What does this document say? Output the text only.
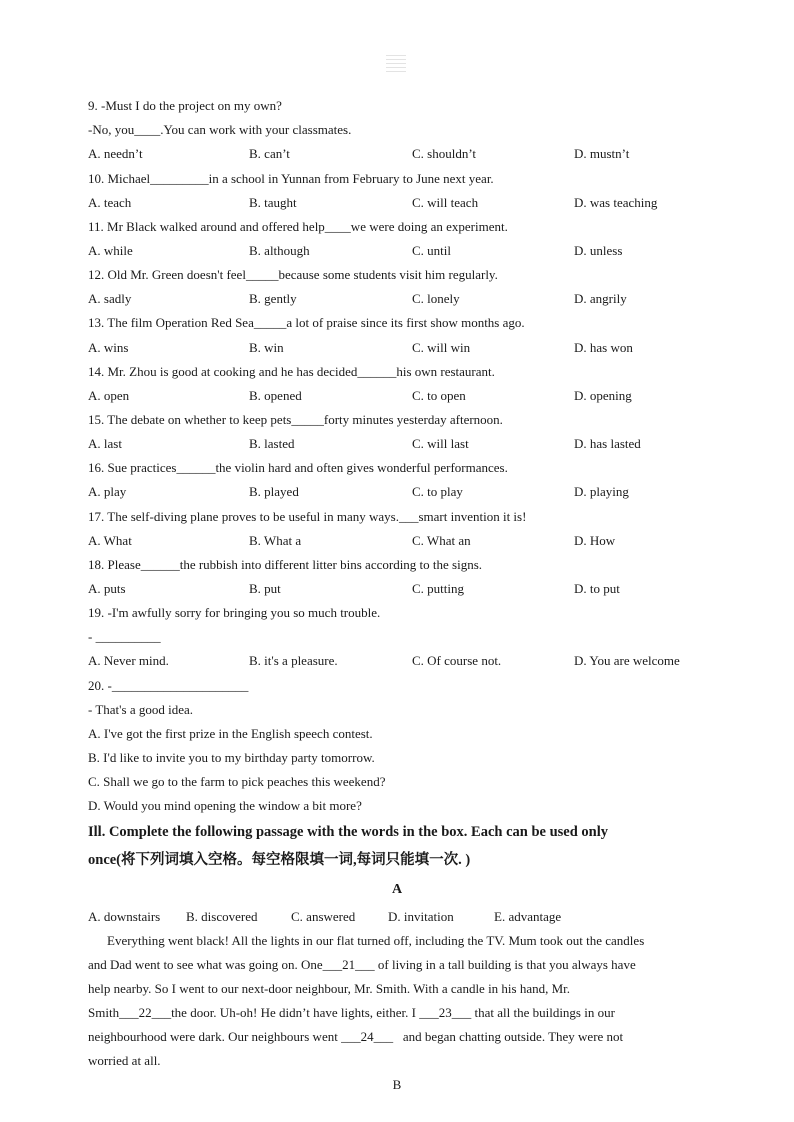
9. -Must I do the project on my own?
-No, you____.You can work with your classmates.
A. needn’t	B. can’t	C. shouldn’t	D. mustn’t
10. Michael_________in a school in Yunnan from February to June next year.
A. teach	B. taught	C. will teach	D. was teaching
11. Mr Black walked around and offered help____we were doing an experiment.
A. while	B. although	C. until	D. unless
12. Old Mr. Green doesn't feel_____because some students visit him regularly.
A. sadly	B. gently	C. lonely	D. angrily
13. The film Operation Red Sea_____a lot of praise since its first show months ago.
A. wins	B. win	C. will win	D. has won
14. Mr. Zhou is good at cooking and he has decided______his own restaurant.
A. open	B. opened	C. to open	D. opening
15. The debate on whether to keep pets_____forty minutes yesterday afternoon.
A. last	B. lasted	C. will last	D. has lasted
16. Sue practices______the violin hard and often gives wonderful performances.
A. play	B. played	C. to play	D. playing
17. The self-diving plane proves to be useful in many ways.___smart invention it is!
A. What	B. What a	C. What an	D. How
18. Please______the rubbish into different litter bins according to the signs.
A. puts	B. put	C. putting	D. to put
19. -I'm awfully sorry for bringing you so much trouble.
- __________
A. Never mind.	B. it's a pleasure.	C. Of course not.	D. You are welcome
20. -_____________________
- That's a good idea.
A. I've got the first prize in the English speech contest.
B. I'd like to invite you to my birthday party tomorrow.
C. Shall we go to the farm to pick peaches this weekend?
D. Would you mind opening the window a bit more?
Ill. Complete the following passage with the words in the box. Each can be used only
once(将下列词填入空格。每空格限填一词,每词只能填一次. )
A
A. downstairs B. discovered	C. answered	D. invitation	E. advantage
Everything went black! All the lights in our flat turned off, including the TV. Mum took out the candles
and Dad went to see what was going on. One___21___ of living in a tall building is that you always have
help nearby. So I went to our next-door neighbour, Mr. Smith. With a candle in his hand, Mr.
Smith___22___the door. Uh-oh! He didn’t have lights, either. I ___23___ that all the buildings in our
neighbourhood were dark. Our neighbours went ___24___   and began chatting outside. They were not
worried at all.
B
